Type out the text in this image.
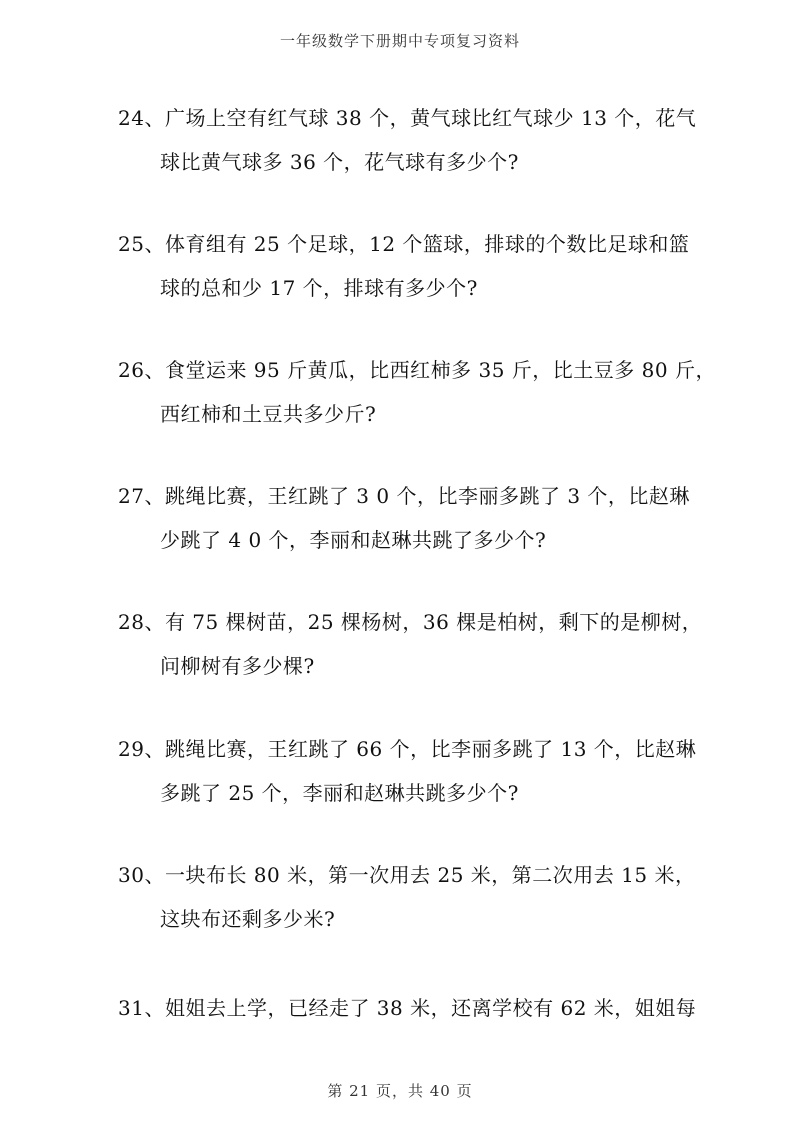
一年级数学下册期中专项复习资料
24、广场上空有红气球 38 个，黄气球比红气球少 13 个，花气
球比黄气球多 36 个，花气球有多少个?
25、体育组有 25 个足球，12 个篮球，排球的个数比足球和篮
球的总和少 17 个，排球有多少个?
26、食堂运来 95 斤黄瓜，比西红柿多 35 斤，比土豆多 80 斤，
西红柿和土豆共多少斤?
27、跳绳比赛，王红跳了 3 0 个，比李丽多跳了 3 个，比赵琳
少跳了 4 0 个，李丽和赵琳共跳了多少个?
28、有 75 棵树苗，25 棵杨树，36 棵是柏树，剩下的是柳树，
问柳树有多少棵?
29、跳绳比赛，王红跳了 66 个，比李丽多跳了 13 个，比赵琳
多跳了 25 个，李丽和赵琳共跳多少个?
30、一块布长 80 米，第一次用去 25 米，第二次用去 15 米，
这块布还剩多少米?
31、姐姐去上学，已经走了 38 米，还离学校有 62 米，姐姐每
第 21 页，共 40 页
